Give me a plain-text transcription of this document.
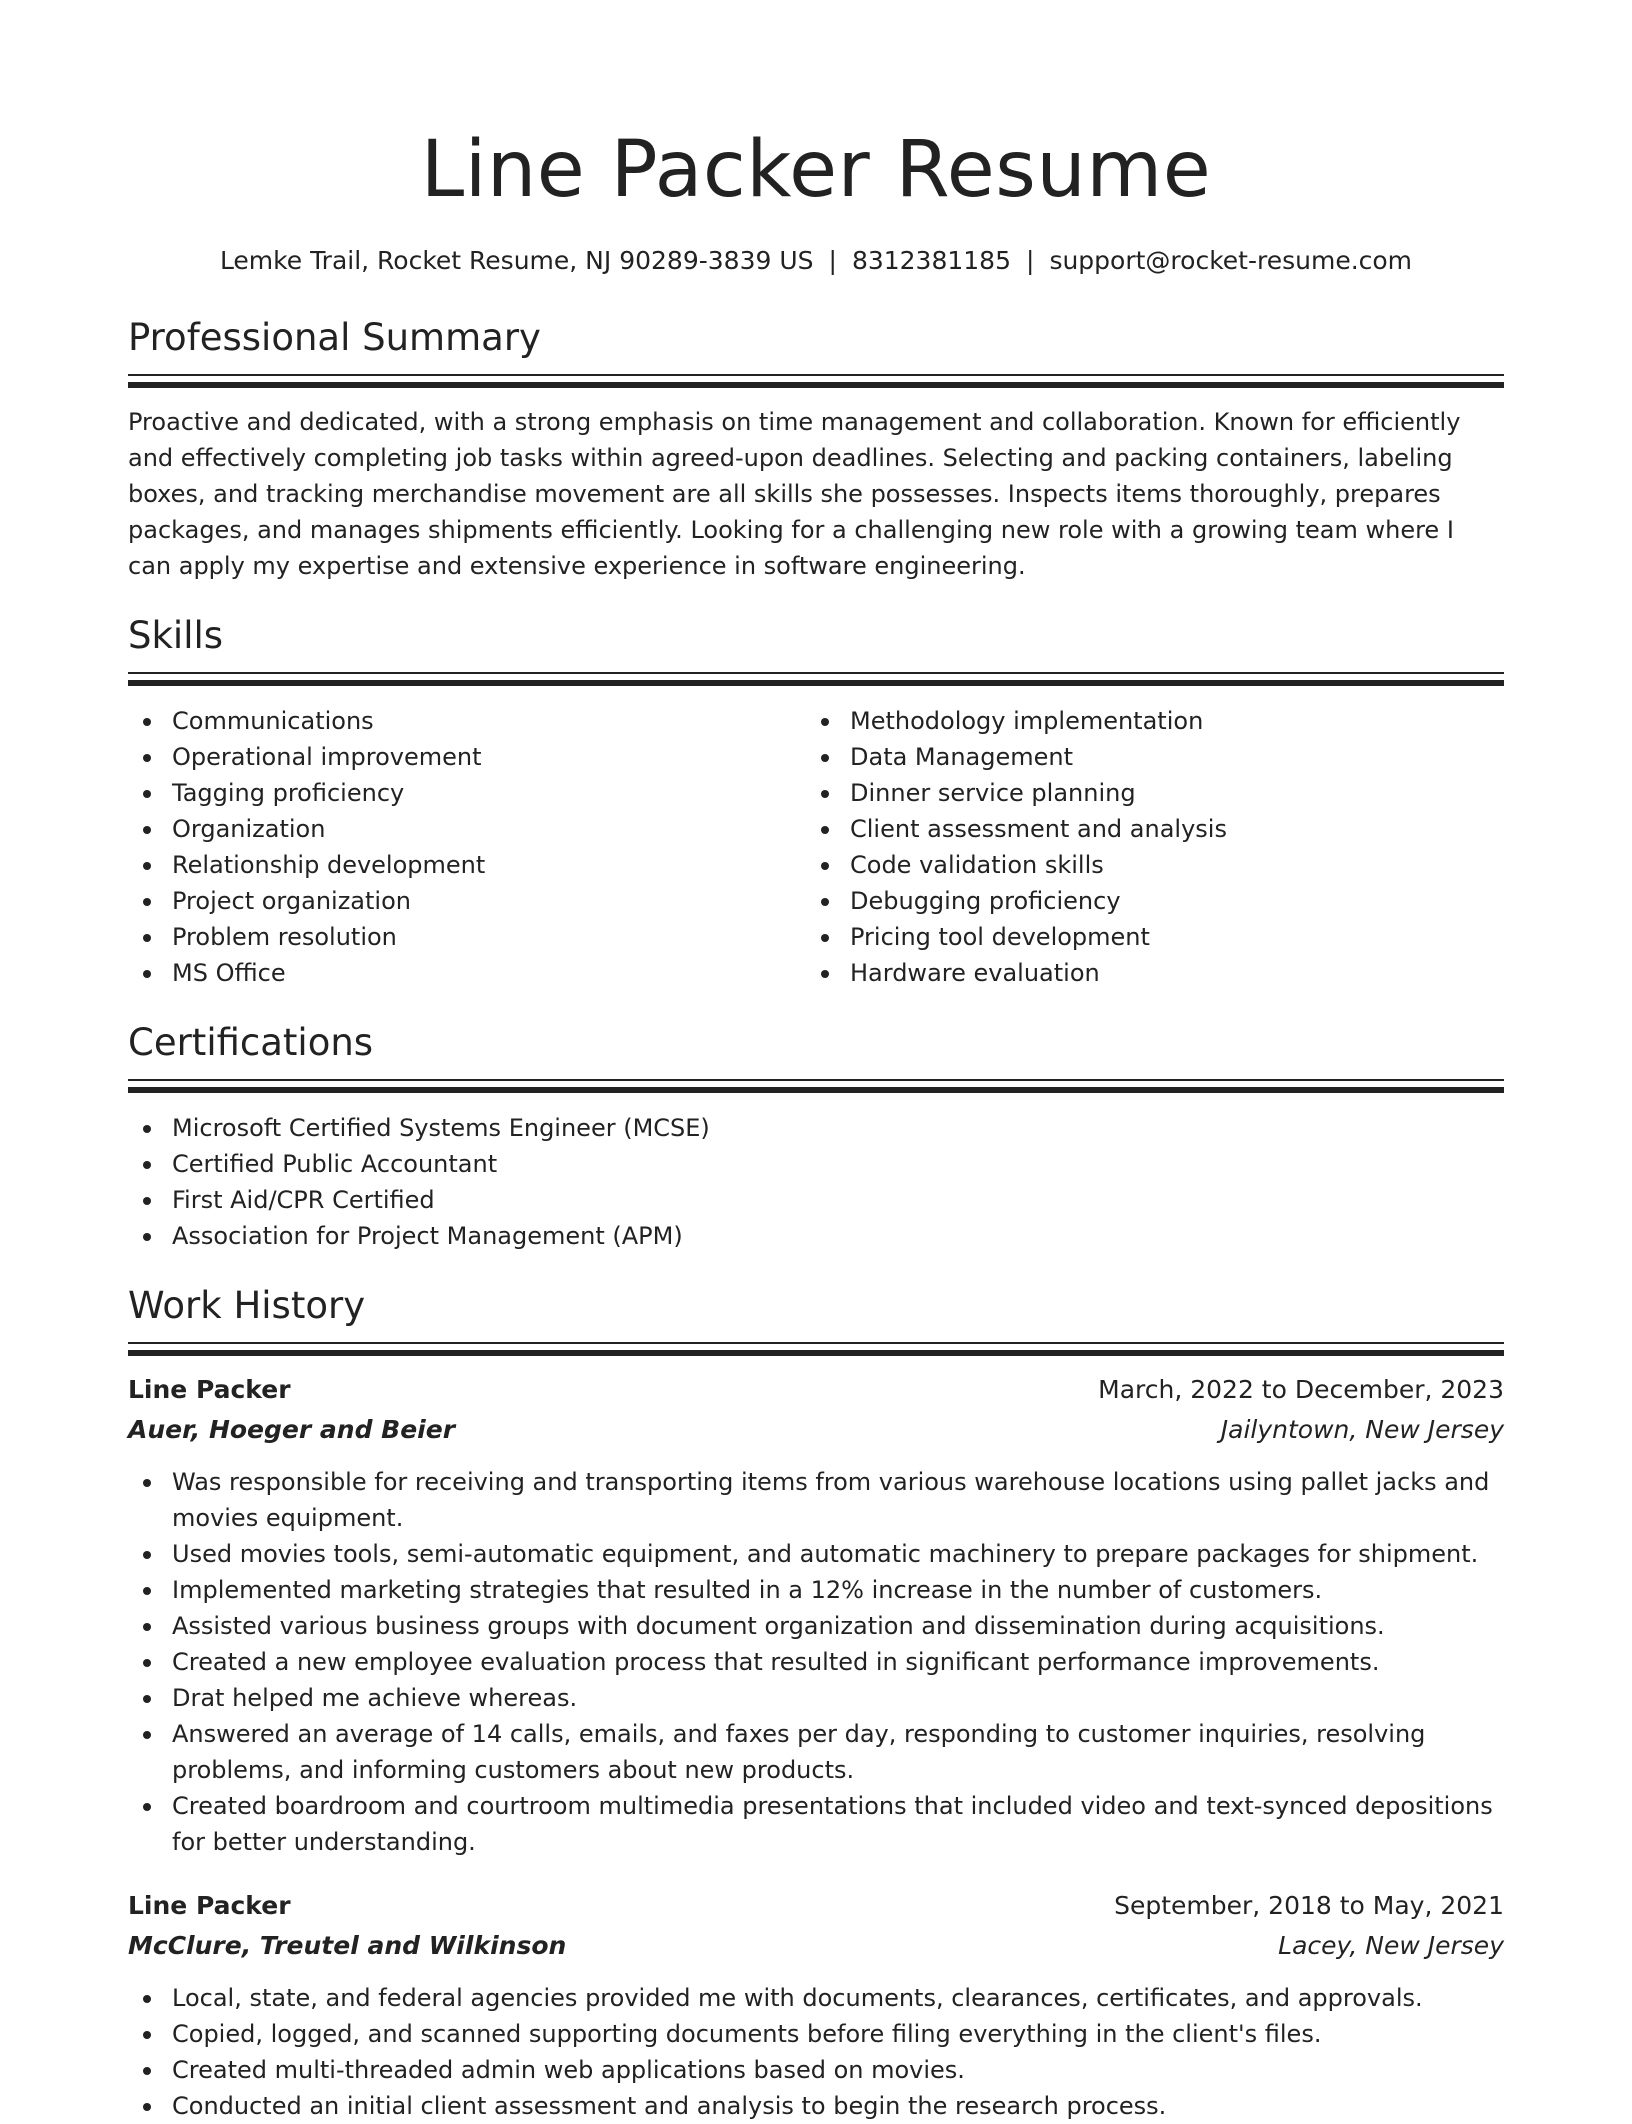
Line Packer Resume
Lemke Trail, Rocket Resume, NJ 90289-3839 US | 8312381185 | support@rocket-resume.com
Professional Summary

Proactive and dedicated, with a strong emphasis on time management and collaboration. Known for efficiently and effectively completing job tasks within agreed-upon deadlines. Selecting and packing containers, labeling boxes, and tracking merchandise movement are all skills she possesses. Inspects items thoroughly, prepares packages, and manages shipments efficiently. Looking for a challenging new role with a growing team where I can apply my expertise and extensive experience in software engineering.

Skills
Communications
Operational improvement
Tagging proficiency
Organization
Relationship development
Project organization
Problem resolution
MS Office
Methodology implementation
Data Management
Dinner service planning
Client assessment and analysis
Code validation skills
Debugging proficiency
Pricing tool development
Hardware evaluation
Certifications
Microsoft Certified Systems Engineer (MCSE)
Certified Public Accountant
First Aid/CPR Certified
Association for Project Management (APM)
Work History
Line Packer	March, 2022 to December, 2023
Auer, Hoeger and Beier	Jailyntown, New Jersey
Was responsible for receiving and transporting items from various warehouse locations using pallet jacks and movies equipment.
Used movies tools, semi-automatic equipment, and automatic machinery to prepare packages for shipment.
Implemented marketing strategies that resulted in a 12% increase in the number of customers.
Assisted various business groups with document organization and dissemination during acquisitions.
Created a new employee evaluation process that resulted in significant performance improvements.
Drat helped me achieve whereas.
Answered an average of 14 calls, emails, and faxes per day, responding to customer inquiries, resolving problems, and informing customers about new products.
Created boardroom and courtroom multimedia presentations that included video and text-synced depositions for better understanding.
Line Packer	September, 2018 to May, 2021
McClure, Treutel and Wilkinson	Lacey, New Jersey
Local, state, and federal agencies provided me with documents, clearances, certificates, and approvals.
Copied, logged, and scanned supporting documents before filing everything in the client's files.
Created multi-threaded admin web applications based on movies.
Conducted an initial client assessment and analysis to begin the research process.
